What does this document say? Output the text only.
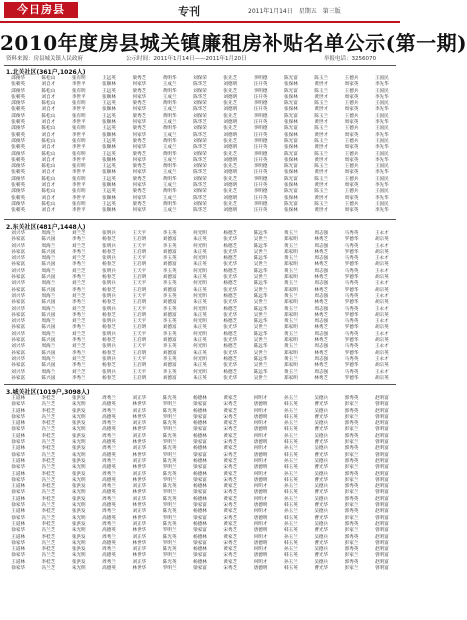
今日房县	专刊	2011年1月14日　星期五　第三版
2010年度房县城关镇廉租房补贴名单公示(第一期)
资料来源：房县城关镇人民政府	公示时间：2011年1月14日——2011年1月20日	举报电话：3256070
1.北关社区(361户,1026人)
邱俊华	陈松山	张有明	王远英	梁秀芝	黄明华	刘保荣	张先芝	李明德	陈光富	陈玉兰	王德兵	王国民
张朝英	刘自才	李世平	张顺林	何家华	王成兰	陈华芝	刘德明	汪开英	张保林	黄世才	周家英	李先华
邱俊华	陈松山	张有明	王远英	梁秀芝	黄明华	刘保荣	张先芝	李明德	陈光富	陈玉兰	王德兵	王国民
张朝英	刘自才	李世平	张顺林	何家华	王成兰	陈华芝	刘德明	汪开英	张保林	黄世才	周家英	李先华
邱俊华	陈松山	张有明	王远英	梁秀芝	黄明华	刘保荣	张先芝	李明德	陈光富	陈玉兰	王德兵	王国民
张朝英	刘自才	李世平	张顺林	何家华	王成兰	陈华芝	刘德明	汪开英	张保林	黄世才	周家英	李先华
邱俊华	陈松山	张有明	王远英	梁秀芝	黄明华	刘保荣	张先芝	李明德	陈光富	陈玉兰	王德兵	王国民
张朝英	刘自才	李世平	张顺林	何家华	王成兰	陈华芝	刘德明	汪开英	张保林	黄世才	周家英	李先华
邱俊华	陈松山	张有明	王远英	梁秀芝	黄明华	刘保荣	张先芝	李明德	陈光富	陈玉兰	王德兵	王国民
张朝英	刘自才	李世平	张顺林	何家华	王成兰	陈华芝	刘德明	汪开英	张保林	黄世才	周家英	李先华
邱俊华	陈松山	张有明	王远英	梁秀芝	黄明华	刘保荣	张先芝	李明德	陈光富	陈玉兰	王德兵	王国民
张朝英	刘自才	李世平	张顺林	何家华	王成兰	陈华芝	刘德明	汪开英	张保林	黄世才	周家英	李先华
邱俊华	陈松山	张有明	王远英	梁秀芝	黄明华	刘保荣	张先芝	李明德	陈光富	陈玉兰	王德兵	王国民
张朝英	刘自才	李世平	张顺林	何家华	王成兰	陈华芝	刘德明	汪开英	张保林	黄世才	周家英	李先华
邱俊华	陈松山	张有明	王远英	梁秀芝	黄明华	刘保荣	张先芝	李明德	陈光富	陈玉兰	王德兵	王国民
张朝英	刘自才	李世平	张顺林	何家华	王成兰	陈华芝	刘德明	汪开英	张保林	黄世才	周家英	李先华
邱俊华	陈松山	张有明	王远英	梁秀芝	黄明华	刘保荣	张先芝	李明德	陈光富	陈玉兰	王德兵	王国民
张朝英	刘自才	李世平	张顺林	何家华	王成兰	陈华芝	刘德明	汪开英	张保林	黄世才	周家英	李先华
邱俊华	陈松山	张有明	王远英	梁秀芝	黄明华	刘保荣	张先芝	李明德	陈光富	陈玉兰	王德兵	王国民
张朝英	刘自才	李世平	张顺林	何家华	王成兰	陈华芝	刘德明	汪开英	张保林	黄世才	周家英	李先华
邱俊华	陈松山	张有明	王远英	梁秀芝	黄明华	刘保荣	张先芝	李明德	陈光富	陈玉兰	王德兵	王国民
张朝英	刘自才	李世平	张顺林	何家华	王成兰	陈华芝	刘德明	汪开英	张保林	黄世才	周家英	李先华
2.东关社区(481户,1448人)
刘兴华	周海兰	刘兰芝	张明兵	王天平	李玉英	何光明	杨德芝	陈远华	黄玉兰	周志强	马秀英	王永才
孙家富	陈兴国	李秀兰	杨春芝	王启明	刘德富	朱正英	张光华	吴世兰	郑家明	林秀芝	罗德华	胡宗英
刘兴华	周海兰	刘兰芝	张明兵	王天平	李玉英	何光明	杨德芝	陈远华	黄玉兰	周志强	马秀英	王永才
孙家富	陈兴国	李秀兰	杨春芝	王启明	刘德富	朱正英	张光华	吴世兰	郑家明	林秀芝	罗德华	胡宗英
刘兴华	周海兰	刘兰芝	张明兵	王天平	李玉英	何光明	杨德芝	陈远华	黄玉兰	周志强	马秀英	王永才
孙家富	陈兴国	李秀兰	杨春芝	王启明	刘德富	朱正英	张光华	吴世兰	郑家明	林秀芝	罗德华	胡宗英
刘兴华	周海兰	刘兰芝	张明兵	王天平	李玉英	何光明	杨德芝	陈远华	黄玉兰	周志强	马秀英	王永才
孙家富	陈兴国	李秀兰	杨春芝	王启明	刘德富	朱正英	张光华	吴世兰	郑家明	林秀芝	罗德华	胡宗英
刘兴华	周海兰	刘兰芝	张明兵	王天平	李玉英	何光明	杨德芝	陈远华	黄玉兰	周志强	马秀英	王永才
孙家富	陈兴国	李秀兰	杨春芝	王启明	刘德富	朱正英	张光华	吴世兰	郑家明	林秀芝	罗德华	胡宗英
刘兴华	周海兰	刘兰芝	张明兵	王天平	李玉英	何光明	杨德芝	陈远华	黄玉兰	周志强	马秀英	王永才
孙家富	陈兴国	李秀兰	杨春芝	王启明	刘德富	朱正英	张光华	吴世兰	郑家明	林秀芝	罗德华	胡宗英
刘兴华	周海兰	刘兰芝	张明兵	王天平	李玉英	何光明	杨德芝	陈远华	黄玉兰	周志强	马秀英	王永才
孙家富	陈兴国	李秀兰	杨春芝	王启明	刘德富	朱正英	张光华	吴世兰	郑家明	林秀芝	罗德华	胡宗英
刘兴华	周海兰	刘兰芝	张明兵	王天平	李玉英	何光明	杨德芝	陈远华	黄玉兰	周志强	马秀英	王永才
孙家富	陈兴国	李秀兰	杨春芝	王启明	刘德富	朱正英	张光华	吴世兰	郑家明	林秀芝	罗德华	胡宗英
刘兴华	周海兰	刘兰芝	张明兵	王天平	李玉英	何光明	杨德芝	陈远华	黄玉兰	周志强	马秀英	王永才
孙家富	陈兴国	李秀兰	杨春芝	王启明	刘德富	朱正英	张光华	吴世兰	郑家明	林秀芝	罗德华	胡宗英
刘兴华	周海兰	刘兰芝	张明兵	王天平	李玉英	何光明	杨德芝	陈远华	黄玉兰	周志强	马秀英	王永才
孙家富	陈兴国	李秀兰	杨春芝	王启明	刘德富	朱正英	张光华	吴世兰	郑家明	林秀芝	罗德华	胡宗英
刘兴华	周海兰	刘兰芝	张明兵	王天平	李玉英	何光明	杨德芝	陈远华	黄玉兰	周志强	马秀英	王永才
孙家富	陈兴国	李秀兰	杨春芝	王启明	刘德富	朱正英	张光华	吴世兰	郑家明	林秀芝	罗德华	胡宗英
刘兴华	周海兰	刘兰芝	张明兵	王天平	李玉英	何光明	杨德芝	陈远华	黄玉兰	周志强	马秀英	王永才
孙家富	陈兴国	李秀兰	杨春芝	王启明	刘德富	朱正英	张光华	吴世兰	郑家明	林秀芝	罗德华	胡宗英
3.城关社区(1019户,3098人)
王道林	李桂芝	张洪发	周秀兰	刘正华	陈光英	杨德林	黄家芝	何明才	孙玉兰	吴德兵	郭秀英	赵明富
徐家华	冯兰芝	朱光明	高德英	林世华	罗明兰	梁家富	宋秀芝	唐德明	韩玉英	曹光华	彭家兰	曾明富
王道林	李桂芝	张洪发	周秀兰	刘正华	陈光英	杨德林	黄家芝	何明才	孙玉兰	吴德兵	郭秀英	赵明富
徐家华	冯兰芝	朱光明	高德英	林世华	罗明兰	梁家富	宋秀芝	唐德明	韩玉英	曹光华	彭家兰	曾明富
王道林	李桂芝	张洪发	周秀兰	刘正华	陈光英	杨德林	黄家芝	何明才	孙玉兰	吴德兵	郭秀英	赵明富
徐家华	冯兰芝	朱光明	高德英	林世华	罗明兰	梁家富	宋秀芝	唐德明	韩玉英	曹光华	彭家兰	曾明富
王道林	李桂芝	张洪发	周秀兰	刘正华	陈光英	杨德林	黄家芝	何明才	孙玉兰	吴德兵	郭秀英	赵明富
徐家华	冯兰芝	朱光明	高德英	林世华	罗明兰	梁家富	宋秀芝	唐德明	韩玉英	曹光华	彭家兰	曾明富
王道林	李桂芝	张洪发	周秀兰	刘正华	陈光英	杨德林	黄家芝	何明才	孙玉兰	吴德兵	郭秀英	赵明富
徐家华	冯兰芝	朱光明	高德英	林世华	罗明兰	梁家富	宋秀芝	唐德明	韩玉英	曹光华	彭家兰	曾明富
王道林	李桂芝	张洪发	周秀兰	刘正华	陈光英	杨德林	黄家芝	何明才	孙玉兰	吴德兵	郭秀英	赵明富
徐家华	冯兰芝	朱光明	高德英	林世华	罗明兰	梁家富	宋秀芝	唐德明	韩玉英	曹光华	彭家兰	曾明富
王道林	李桂芝	张洪发	周秀兰	刘正华	陈光英	杨德林	黄家芝	何明才	孙玉兰	吴德兵	郭秀英	赵明富
徐家华	冯兰芝	朱光明	高德英	林世华	罗明兰	梁家富	宋秀芝	唐德明	韩玉英	曹光华	彭家兰	曾明富
王道林	李桂芝	张洪发	周秀兰	刘正华	陈光英	杨德林	黄家芝	何明才	孙玉兰	吴德兵	郭秀英	赵明富
徐家华	冯兰芝	朱光明	高德英	林世华	罗明兰	梁家富	宋秀芝	唐德明	韩玉英	曹光华	彭家兰	曾明富
王道林	李桂芝	张洪发	周秀兰	刘正华	陈光英	杨德林	黄家芝	何明才	孙玉兰	吴德兵	郭秀英	赵明富
徐家华	冯兰芝	朱光明	高德英	林世华	罗明兰	梁家富	宋秀芝	唐德明	韩玉英	曹光华	彭家兰	曾明富
王道林	李桂芝	张洪发	周秀兰	刘正华	陈光英	杨德林	黄家芝	何明才	孙玉兰	吴德兵	郭秀英	赵明富
徐家华	冯兰芝	朱光明	高德英	林世华	罗明兰	梁家富	宋秀芝	唐德明	韩玉英	曹光华	彭家兰	曾明富
王道林	李桂芝	张洪发	周秀兰	刘正华	陈光英	杨德林	黄家芝	何明才	孙玉兰	吴德兵	郭秀英	赵明富
徐家华	冯兰芝	朱光明	高德英	林世华	罗明兰	梁家富	宋秀芝	唐德明	韩玉英	曹光华	彭家兰	曾明富
王道林	李桂芝	张洪发	周秀兰	刘正华	陈光英	杨德林	黄家芝	何明才	孙玉兰	吴德兵	郭秀英	赵明富
徐家华	冯兰芝	朱光明	高德英	林世华	罗明兰	梁家富	宋秀芝	唐德明	韩玉英	曹光华	彭家兰	曾明富
王道林	李桂芝	张洪发	周秀兰	刘正华	陈光英	杨德林	黄家芝	何明才	孙玉兰	吴德兵	郭秀英	赵明富
徐家华	冯兰芝	朱光明	高德英	林世华	罗明兰	梁家富	宋秀芝	唐德明	韩玉英	曹光华	彭家兰	曾明富
王道林	李桂芝	张洪发	周秀兰	刘正华	陈光英	杨德林	黄家芝	何明才	孙玉兰	吴德兵	郭秀英	赵明富
徐家华	冯兰芝	朱光明	高德英	林世华	罗明兰	梁家富	宋秀芝	唐德明	韩玉英	曹光华	彭家兰	曾明富
